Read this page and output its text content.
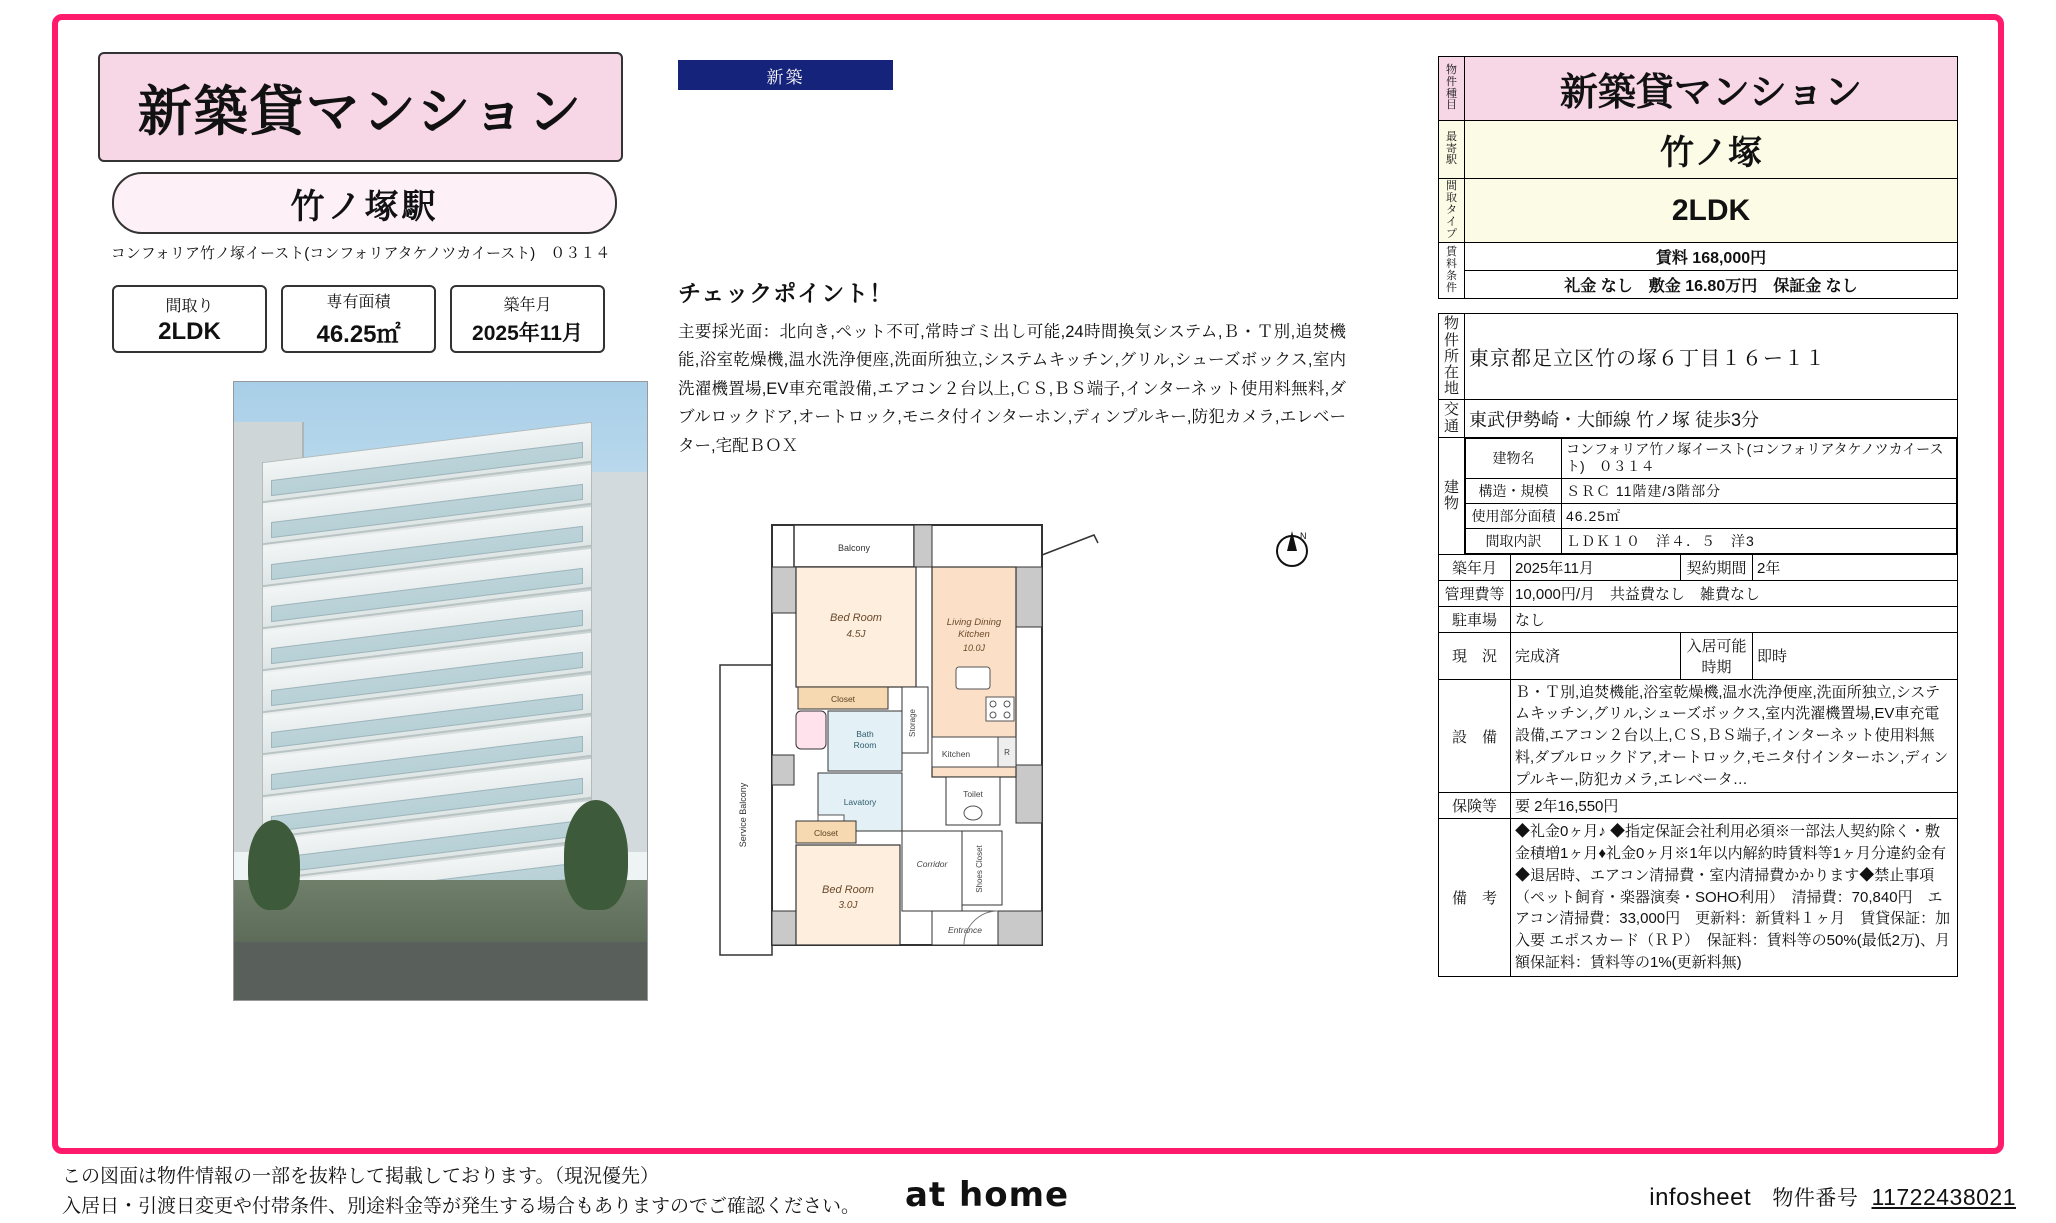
新築貸マンション
竹ノ塚駅
コンフォリア竹ノ塚イースト(コンフォリアタケノツカイースト)　０３１４
間取り
2LDK
専有面積
46.25㎡
築年月
2025年11月
新築
チェックポイント！
主要採光面：北向き,ペット不可,常時ゴミ出し可能,24時間換気システム,Ｂ・Ｔ別,追焚機能,浴室乾燥機,温水洗浄便座,洗面所独立,システムキッチン,グリル,シューズボックス,室内洗濯機置場,EV車充電設備,エアコン２台以上,ＣＳ,ＢＳ端子,インターネット使用料無料,ダブルロックドア,オートロック,モニタ付インターホン,ディンプルキー,防犯カメラ,エレベーター,宅配ＢＯＸ
Service Balcony
Balcony
Bed Room
4.5J
Closet
Living Dining
Kitchen
10.0J
Kitchen	R
Storage
Bath
Room
Lavatory
Toilet
Corridor	Shoes Closet
Entrance
Bed Room
3.0J
Closet
N
物
件
種
目	新築貸マンション

最
寄
駅	竹ノ塚

間
取
タ
イ
プ	2LDK

賃
料
条
件	賃料 168,000円
	礼金 なし　敷金 16.80万円　保証金 なし
物
件
所
在
地
	東京都足立区竹の塚６丁目１６ー１１

交
通	東武伊勢崎・大師線 竹ノ塚 徒歩3分

建
物

建物名	コンフォリア竹ノ塚イースト(コンフォリアタケノツカイースト)　０３１４
構造・規模	ＳＲＣ 11階建/3階部分
使用部分面積	46.25㎡
間取内訳	ＬＤＫ１０　洋４．５　洋3
築年月	2025年11月	契約期間	2年
管理費等	10,000円/月　共益費なし　雑費なし		
駐車場	なし		
現　況	完成済	入居可能時期	即時
設　備	Ｂ・Ｔ別,追焚機能,浴室乾燥機,温水洗浄便座,洗面所独立,システムキッチン,グリル,シューズボックス,室内洗濯機置場,EV車充電設備,エアコン２台以上,ＣＳ,ＢＳ端子,インターネット使用料無料,ダブルロックドア,オートロック,モニタ付インターホン,ディンプルキー,防犯カメラ,エレベータ…		
保険等	要 2年16,550円		
備　考	◆礼金0ヶ月♪ ◆指定保証会社利用必須※一部法人契約除く・敷金積増1ヶ月♦礼金0ヶ月※1年以内解約時賃料等1ヶ月分違約金有◆退居時、エアコン清掃費・室内清掃費かかります◆禁止事項（ペット飼育・楽器演奏・SOHO利用）　清掃費：70,840円　エアコン清掃費：33,000円　更新料：新賃料１ヶ月　賃貸保証：加入要 エポスカード（ＲＰ）　保証料：賃料等の50%(最低2万)、月額保証料：賃料等の1%(更新料無)		
この図面は物件情報の一部を抜粋して掲載しております。（現況優先）
入居日・引渡日変更や付帯条件、別途料金等が発生する場合もありますのでご確認ください。	at home	infosheet 物件番号 11722438021
